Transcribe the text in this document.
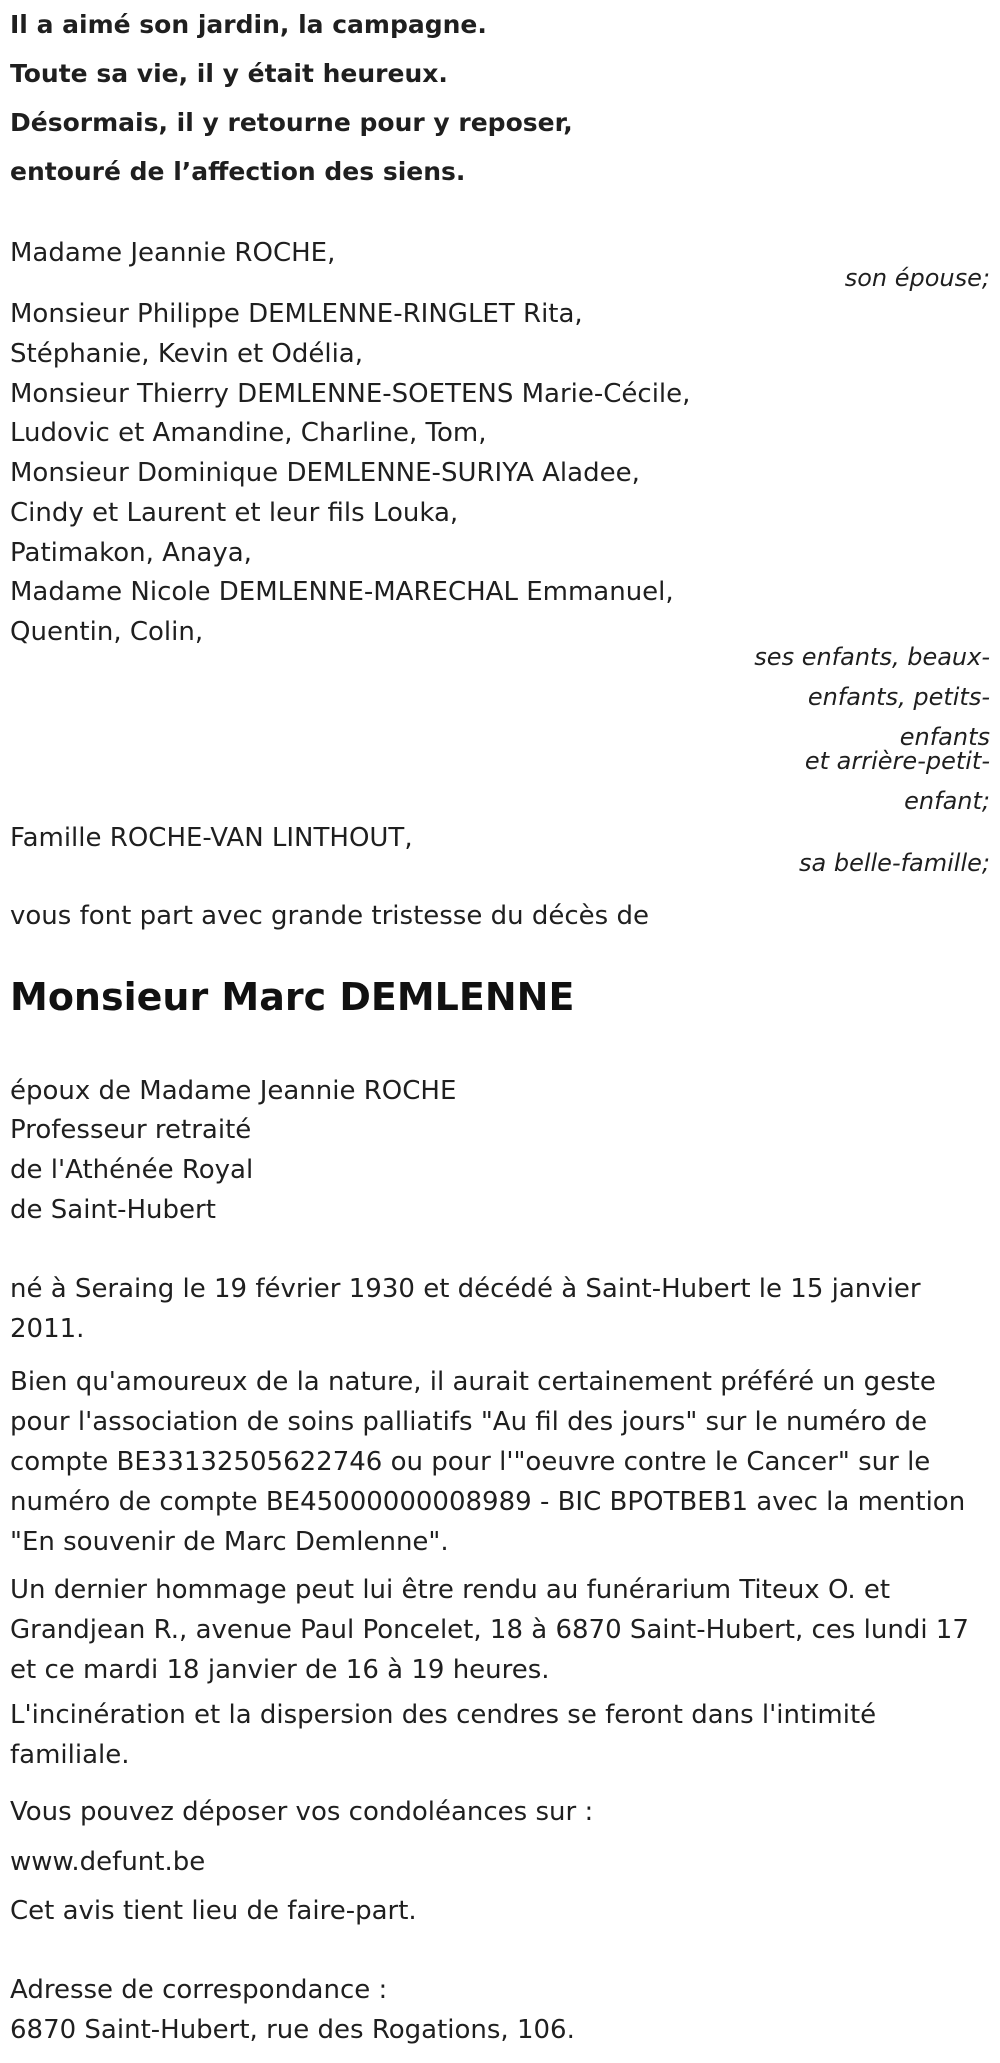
Il a aimé son jardin, la campagne.
Toute sa vie, il y était heureux.
Désormais, il y retourne pour y reposer,
entouré de l’affection des siens.
Madame Jeannie ROCHE,
son épouse;
Monsieur Philippe DEMLENNE-RINGLET Rita,
Stéphanie, Kevin et Odélia,
Monsieur Thierry DEMLENNE-SOETENS Marie-Cécile,
Ludovic et Amandine, Charline, Tom,
Monsieur Dominique DEMLENNE-SURIYA Aladee,
Cindy et Laurent et leur fils Louka,
Patimakon, Anaya,
Madame Nicole DEMLENNE-MARECHAL Emmanuel,
Quentin, Colin,
ses enfants, beaux-enfants, petits-enfants
et arrière-petit-enfant;
Famille ROCHE-VAN LINTHOUT,
sa belle-famille;
vous font part avec grande tristesse du décès de
Monsieur Marc DEMLENNE
époux de Madame Jeannie ROCHE
Professeur retraité
de l'Athénée Royal
de Saint-Hubert
né à Seraing le 19 février 1930 et décédé à Saint-Hubert le 15 janvier 2011.
Bien qu'amoureux de la nature, il aurait certainement préféré un geste pour l'association de soins palliatifs "Au fil des jours" sur le numéro de compte BE33132505622746 ou pour l'"oeuvre contre le Cancer" sur le numéro de compte BE45000000008989 - BIC BPOTBEB1 avec la mention "En souvenir de Marc Demlenne".
Un dernier hommage peut lui être rendu au funérarium Titeux O. et Grandjean R., avenue Paul Poncelet, 18 à 6870 Saint-Hubert, ces lundi 17 et ce mardi 18 janvier de 16 à 19 heures.
L'incinération et la dispersion des cendres se feront dans l'intimité familiale.
Vous pouvez déposer vos condoléances sur :
www.defunt.be
Cet avis tient lieu de faire-part.
Adresse de correspondance :
6870 Saint-Hubert, rue des Rogations, 106.
